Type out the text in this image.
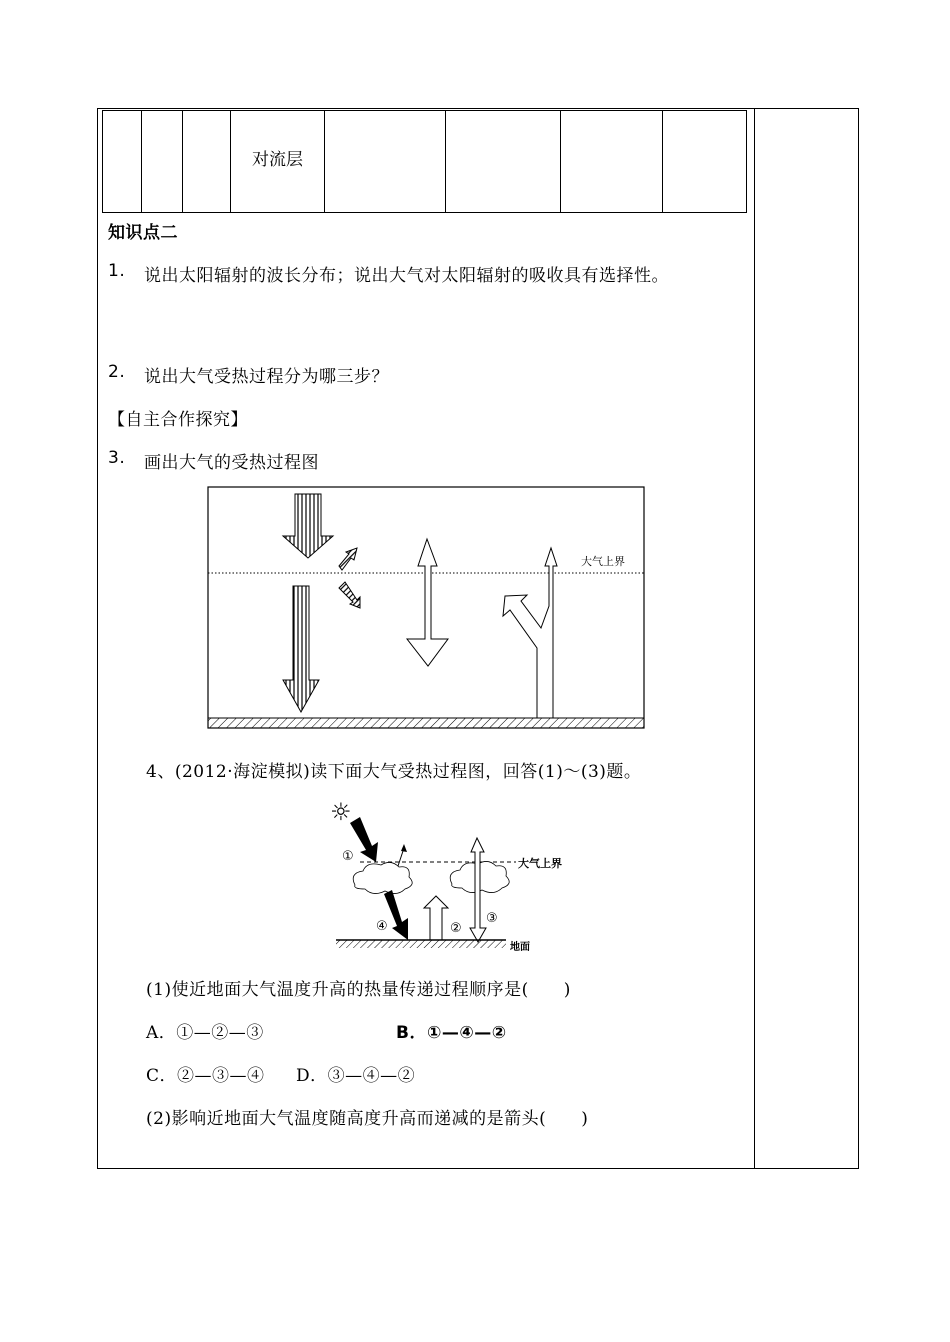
			对流层				
知识点二
1. 说出太阳辐射的波长分布；说出大气对太阳辐射的吸收具有选择性。
2. 说出大气受热过程分为哪三步？
【自主合作探究】
3. 画出大气的受热过程图
大气上界
4、(2012·海淀模拟)读下面大气受热过程图，回答(1)～(3)题。
☼
大气上界
①
④	②
③
地面
(1)使近地面大气温度升高的热量传递过程顺序是(　　)
A．①—②—③	B．①—④—②
C．②—③—④ D．③—④—②
(2)影响近地面大气温度随高度升高而递减的是箭头(　　)
